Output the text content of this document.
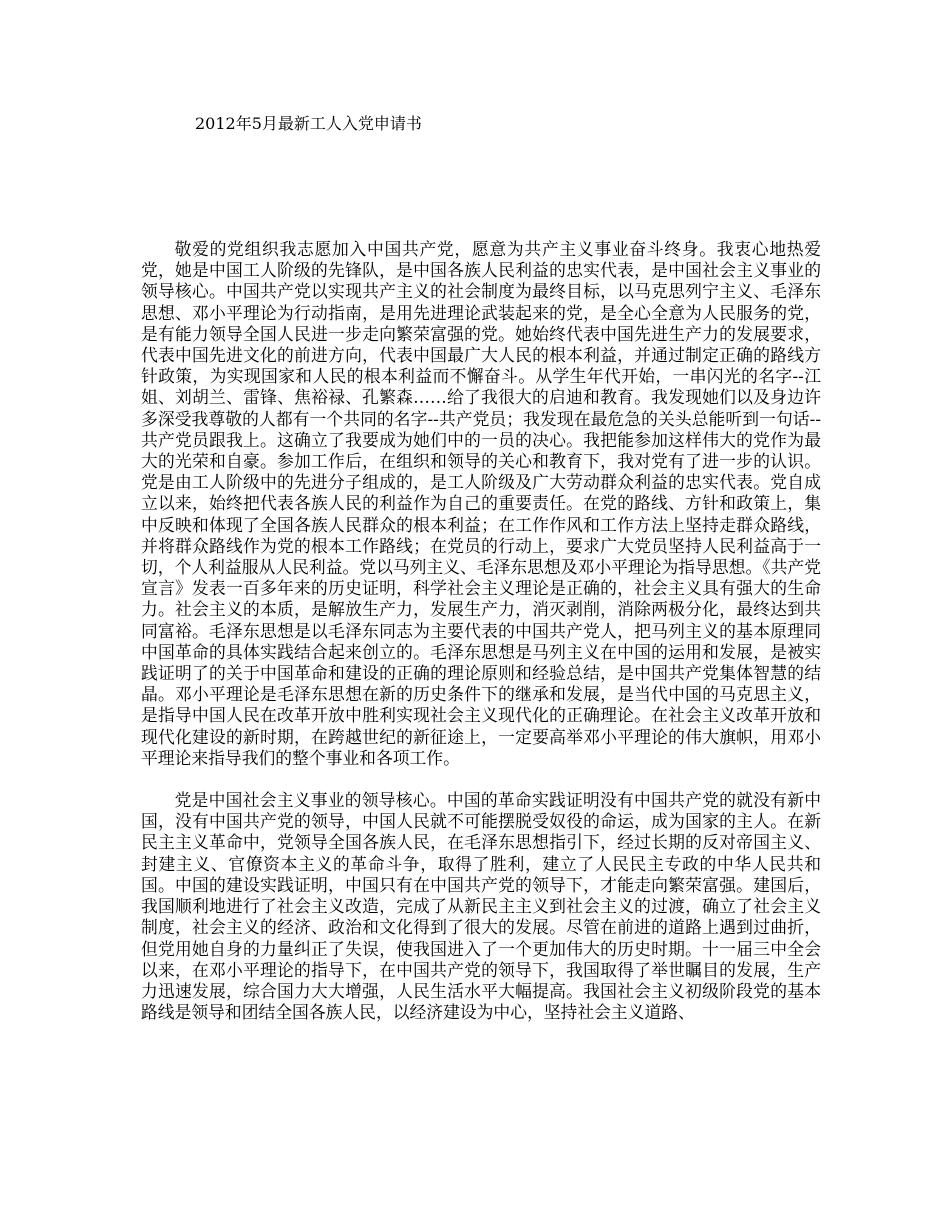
2012年5月最新工人入党申请书

敬爱的党组织我志愿加入中国共产党，愿意为共产主义事业奋斗终身。我衷心地热爱党，她是中国工人阶级的先锋队，是中国各族人民利益的忠实代表，是中国社会主义事业的领导核心。中国共产党以实现共产主义的社会制度为最终目标，以马克思列宁主义、毛泽东思想、邓小平理论为行动指南，是用先进理论武装起来的党，是全心全意为人民服务的党，是有能力领导全国人民进一步走向繁荣富强的党。她始终代表中国先进生产力的发展要求，代表中国先进文化的前进方向，代表中国最广大人民的根本利益，并通过制定正确的路线方针政策，为实现国家和人民的根本利益而不懈奋斗。从学生年代开始，一串闪光的名字--江姐、刘胡兰、雷锋、焦裕禄、孔繁森……给了我很大的启迪和教育。我发现她们以及身边许多深受我尊敬的人都有一个共同的名字--共产党员；我发现在最危急的关头总能听到一句话--共产党员跟我上。这确立了我要成为她们中的一员的决心。我把能参加这样伟大的党作为最大的光荣和自豪。参加工作后，在组织和领导的关心和教育下，我对党有了进一步的认识。党是由工人阶级中的先进分子组成的，是工人阶级及广大劳动群众利益的忠实代表。党自成立以来，始终把代表各族人民的利益作为自己的重要责任。在党的路线、方针和政策上，集中反映和体现了全国各族人民群众的根本利益；在工作作风和工作方法上坚持走群众路线，并将群众路线作为党的根本工作路线；在党员的行动上，要求广大党员坚持人民利益高于一切，个人利益服从人民利益。党以马列主义、毛泽东思想及邓小平理论为指导思想。《共产党宣言》发表一百多年来的历史证明，科学社会主义理论是正确的，社会主义具有强大的生命力。社会主义的本质，是解放生产力，发展生产力，消灭剥削，消除两极分化，最终达到共同富裕。毛泽东思想是以毛泽东同志为主要代表的中国共产党人，把马列主义的基本原理同中国革命的具体实践结合起来创立的。毛泽东思想是马列主义在中国的运用和发展，是被实践证明了的关于中国革命和建设的正确的理论原则和经验总结，是中国共产党集体智慧的结晶。邓小平理论是毛泽东思想在新的历史条件下的继承和发展，是当代中国的马克思主义，是指导中国人民在改革开放中胜利实现社会主义现代化的正确理论。在社会主义改革开放和现代化建设的新时期，在跨越世纪的新征途上，一定要高举邓小平理论的伟大旗帜，用邓小平理论来指导我们的整个事业和各项工作。

党是中国社会主义事业的领导核心。中国的革命实践证明没有中国共产党的就没有新中国，没有中国共产党的领导，中国人民就不可能摆脱受奴役的命运，成为国家的主人。在新民主主义革命中，党领导全国各族人民，在毛泽东思想指引下，经过长期的反对帝国主义、封建主义、官僚资本主义的革命斗争，取得了胜利，建立了人民民主专政的中华人民共和国。中国的建设实践证明，中国只有在中国共产党的领导下，才能走向繁荣富强。建国后，我国顺利地进行了社会主义改造，完成了从新民主主义到社会主义的过渡，确立了社会主义制度，社会主义的经济、政治和文化得到了很大的发展。尽管在前进的道路上遇到过曲折，但党用她自身的力量纠正了失误，使我国进入了一个更加伟大的历史时期。十一届三中全会以来，在邓小平理论的指导下，在中国共产党的领导下，我国取得了举世瞩目的发展，生产力迅速发展，综合国力大大增强，人民生活水平大幅提高。我国社会主义初级阶段党的基本路线是领导和团结全国各族人民，以经济建设为中心，坚持社会主义道路、
